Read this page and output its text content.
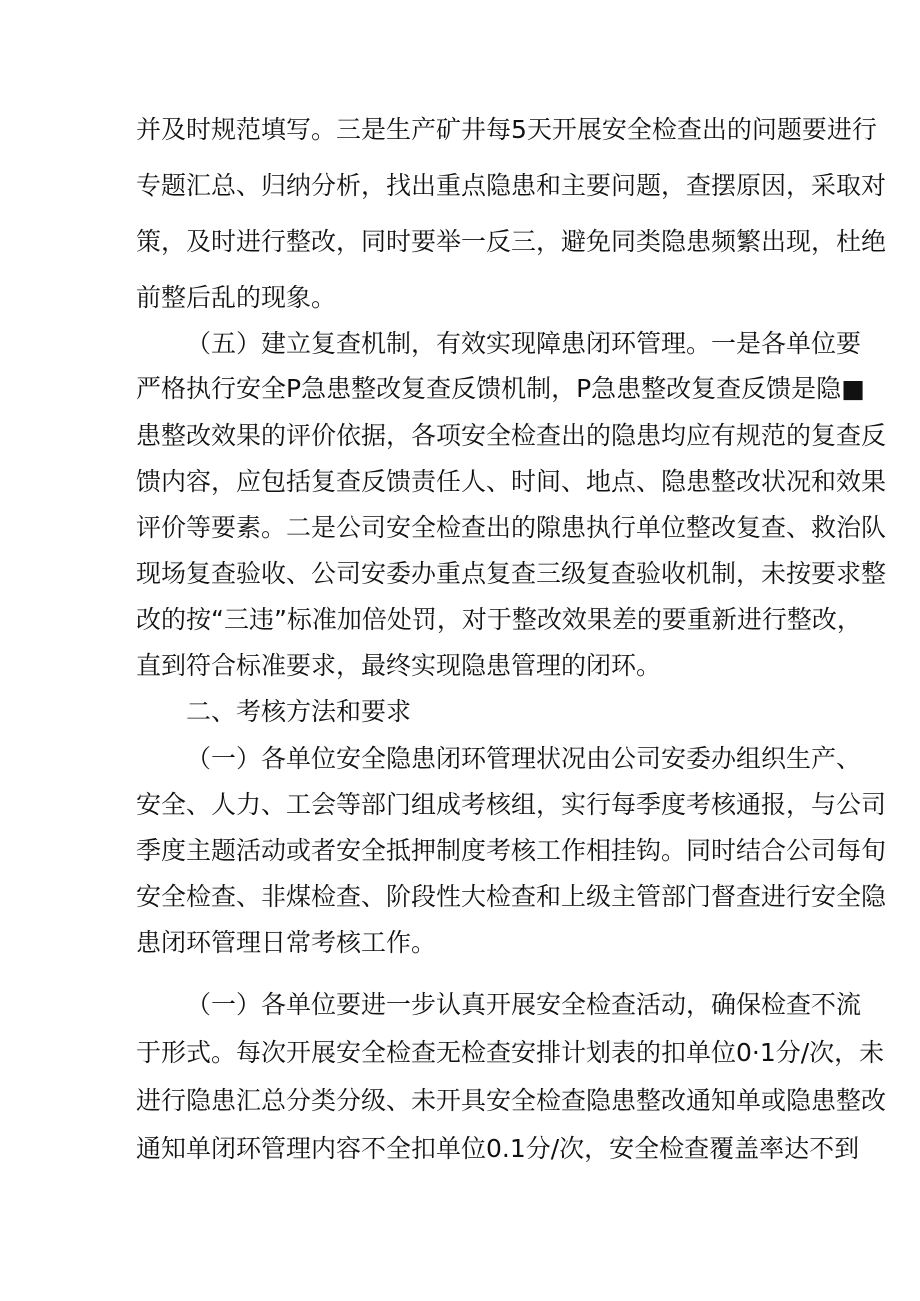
并及时规范填写。三是生产矿井每5天开展安全检查出的问题要进行
专题汇总、归纳分析，找出重点隐患和主要问题，查摆原因，采取对
策，及时进行整改，同时要举一反三，避免同类隐患频繁出现，杜绝
前整后乱的现象。
（五）建立复查机制，有效实现障患闭环管理。一是各单位要
严格执行安全P急患整改复查反馈机制，P急患整改复查反馈是隐■
患整改效果的评价依据，各项安全检查出的隐患均应有规范的复查反
馈内容，应包括复查反馈责任人、时间、地点、隐患整改状况和效果
评价等要素。二是公司安全检查出的隙患执行单位整改复查、救治队
现场复查验收、公司安委办重点复查三级复查验收机制，未按要求整
改的按“三违”标准加倍处罚，对于整改效果差的要重新进行整改，
直到符合标准要求，最终实现隐患管理的闭环。
二、考核方法和要求
（一）各单位安全隐患闭环管理状况由公司安委办组织生产、
安全、人力、工会等部门组成考核组，实行每季度考核通报，与公司
季度主题活动或者安全抵押制度考核工作相挂钩。同时结合公司每旬
安全检查、非煤检查、阶段性大检查和上级主管部门督查进行安全隐
患闭环管理日常考核工作。
（一）各单位要进一步认真开展安全检查活动，确保检查不流
于形式。每次开展安全检查无检查安排计划表的扣单位0·1分/次，未
进行隐患汇总分类分级、未开具安全检查隐患整改通知单或隐患整改
通知单闭环管理内容不全扣单位0.1分/次，安全检查覆盖率达不到
